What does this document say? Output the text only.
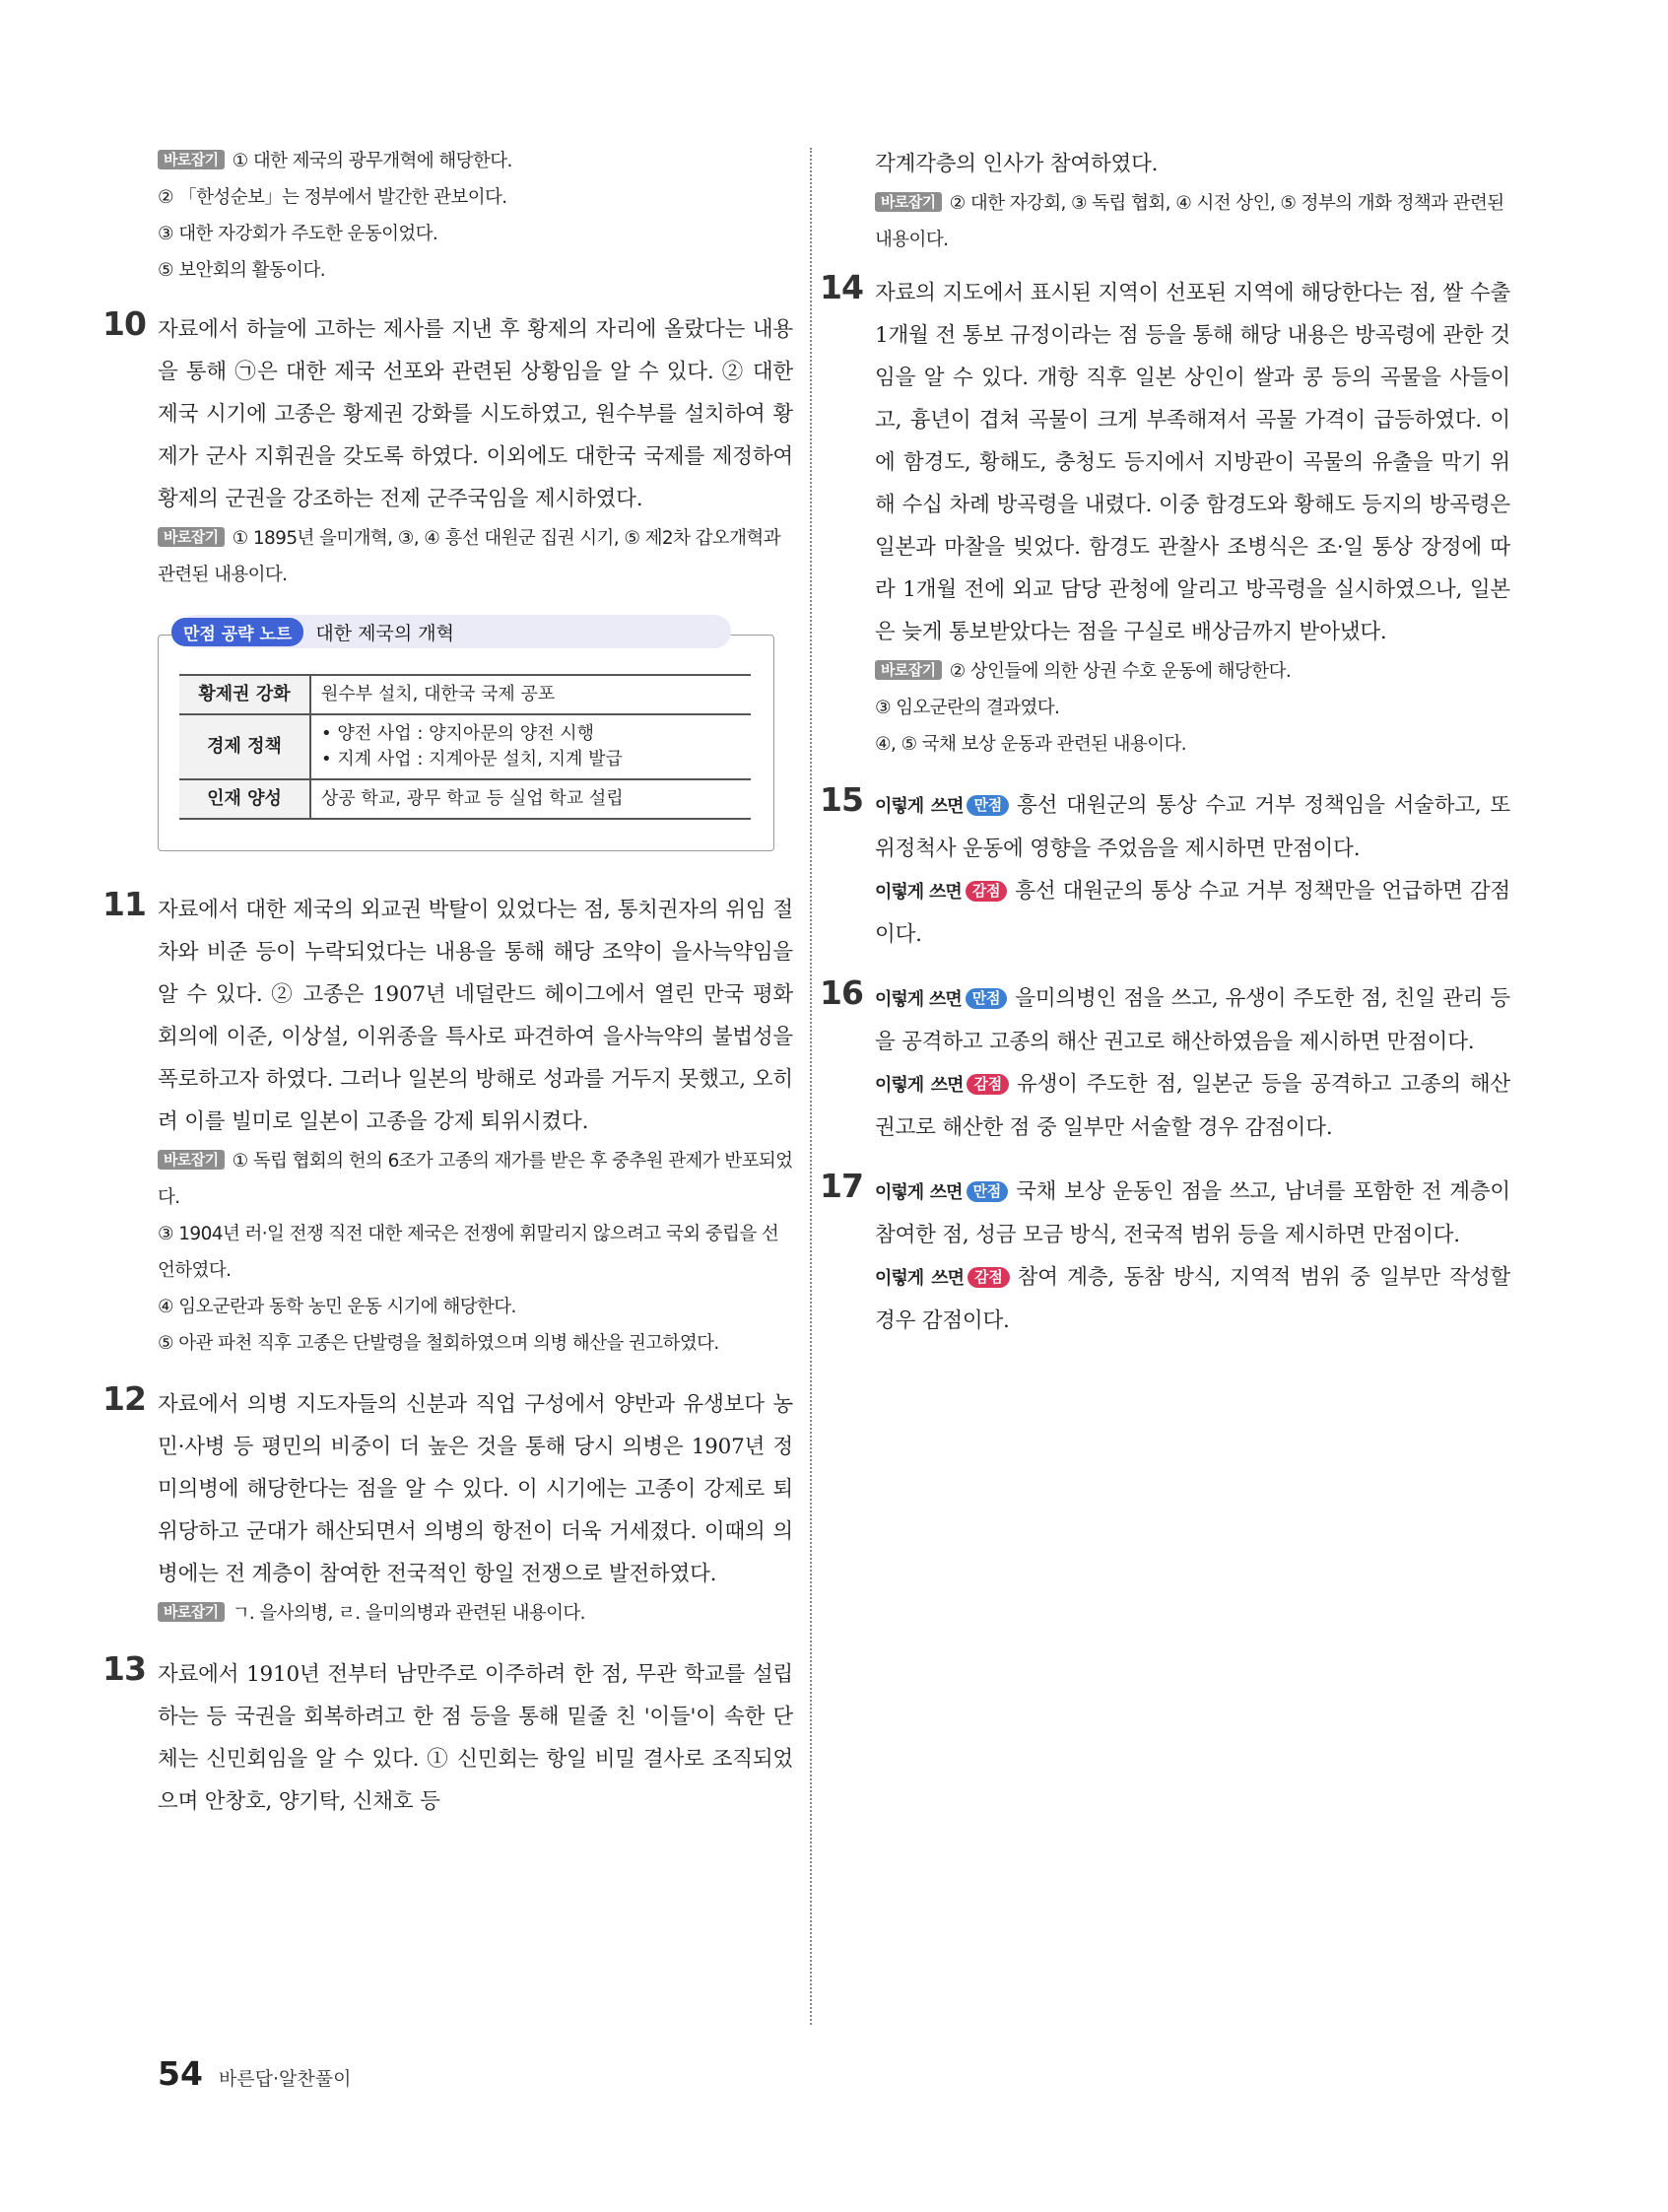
바로잡기 ① 대한 제국의 광무개혁에 해당한다.

② 「한성순보」는 정부에서 발간한 관보이다.

③ 대한 자강회가 주도한 운동이었다.

⑤ 보안회의 활동이다.

10 자료에서 하늘에 고하는 제사를 지낸 후 황제의 자리에 올랐다는 내용을 통해 ㉠은 대한 제국 선포와 관련된 상황임을 알 수 있다. ② 대한 제국 시기에 고종은 황제권 강화를 시도하였고, 원수부를 설치하여 황제가 군사 지휘권을 갖도록 하였다. 이외에도 대한국 국제를 제정하여 황제의 군권을 강조하는 전제 군주국임을 제시하였다.

바로잡기 ① 1895년 을미개혁, ③, ④ 흥선 대원군 집권 시기, ⑤ 제2차 갑오개혁과 관련된 내용이다.

만점 공략 노트	대한 제국의 개혁
황제권 강화	원수부 설치, 대한국 국제 공포
경제 정책	• 양전 사업 : 양지아문의 양전 시행
• 지계 사업 : 지계아문 설치, 지계 발급

인재 양성	상공 학교, 광무 학교 등 실업 학교 설립
11 자료에서 대한 제국의 외교권 박탈이 있었다는 점, 통치권자의 위임 절차와 비준 등이 누락되었다는 내용을 통해 해당 조약이 을사늑약임을 알 수 있다. ② 고종은 1907년 네덜란드 헤이그에서 열린 만국 평화 회의에 이준, 이상설, 이위종을 특사로 파견하여 을사늑약의 불법성을 폭로하고자 하였다. 그러나 일본의 방해로 성과를 거두지 못했고, 오히려 이를 빌미로 일본이 고종을 강제 퇴위시켰다.

바로잡기 ① 독립 협회의 헌의 6조가 고종의 재가를 받은 후 중추원 관제가 반포되었다.

③ 1904년 러·일 전쟁 직전 대한 제국은 전쟁에 휘말리지 않으려고 국외 중립을 선언하였다.

④ 임오군란과 동학 농민 운동 시기에 해당한다.

⑤ 아관 파천 직후 고종은 단발령을 철회하였으며 의병 해산을 권고하였다.

12 자료에서 의병 지도자들의 신분과 직업 구성에서 양반과 유생보다 농민·사병 등 평민의 비중이 더 높은 것을 통해 당시 의병은 1907년 정미의병에 해당한다는 점을 알 수 있다. 이 시기에는 고종이 강제로 퇴위당하고 군대가 해산되면서 의병의 항전이 더욱 거세졌다. 이때의 의병에는 전 계층이 참여한 전국적인 항일 전쟁으로 발전하였다.

바로잡기 ㄱ. 을사의병, ㄹ. 을미의병과 관련된 내용이다.

13 자료에서 1910년 전부터 남만주로 이주하려 한 점, 무관 학교를 설립하는 등 국권을 회복하려고 한 점 등을 통해 밑줄 친 '이들'이 속한 단체는 신민회임을 알 수 있다. ① 신민회는 항일 비밀 결사로 조직되었으며 안창호, 양기탁, 신채호 등
각계각층의 인사가 참여하였다.

바로잡기 ② 대한 자강회, ③ 독립 협회, ④ 시전 상인, ⑤ 정부의 개화 정책과 관련된 내용이다.

14 자료의 지도에서 표시된 지역이 선포된 지역에 해당한다는 점, 쌀 수출 1개월 전 통보 규정이라는 점 등을 통해 해당 내용은 방곡령에 관한 것임을 알 수 있다. 개항 직후 일본 상인이 쌀과 콩 등의 곡물을 사들이고, 흉년이 겹쳐 곡물이 크게 부족해져서 곡물 가격이 급등하였다. 이에 함경도, 황해도, 충청도 등지에서 지방관이 곡물의 유출을 막기 위해 수십 차례 방곡령을 내렸다. 이중 함경도와 황해도 등지의 방곡령은 일본과 마찰을 빚었다. 함경도 관찰사 조병식은 조·일 통상 장정에 따라 1개월 전에 외교 담당 관청에 알리고 방곡령을 실시하였으나, 일본은 늦게 통보받았다는 점을 구실로 배상금까지 받아냈다.

바로잡기 ② 상인들에 의한 상권 수호 운동에 해당한다.

③ 임오군란의 결과였다.

④, ⑤ 국채 보상 운동과 관련된 내용이다.

15 이렇게 쓰면 만점 흥선 대원군의 통상 수교 거부 정책임을 서술하고, 또 위정척사 운동에 영향을 주었음을 제시하면 만점이다.
이렇게 쓰면 감점 흥선 대원군의 통상 수교 거부 정책만을 언급하면 감점이다.
16 이렇게 쓰면 만점 을미의병인 점을 쓰고, 유생이 주도한 점, 친일 관리 등을 공격하고 고종의 해산 권고로 해산하였음을 제시하면 만점이다.
이렇게 쓰면 감점 유생이 주도한 점, 일본군 등을 공격하고 고종의 해산 권고로 해산한 점 중 일부만 서술할 경우 감점이다.
17 이렇게 쓰면 만점 국채 보상 운동인 점을 쓰고, 남녀를 포함한 전 계층이 참여한 점, 성금 모금 방식, 전국적 범위 등을 제시하면 만점이다.
이렇게 쓰면 감점 참여 계층, 동참 방식, 지역적 범위 중 일부만 작성할 경우 감점이다.
54 바른답·알찬풀이
